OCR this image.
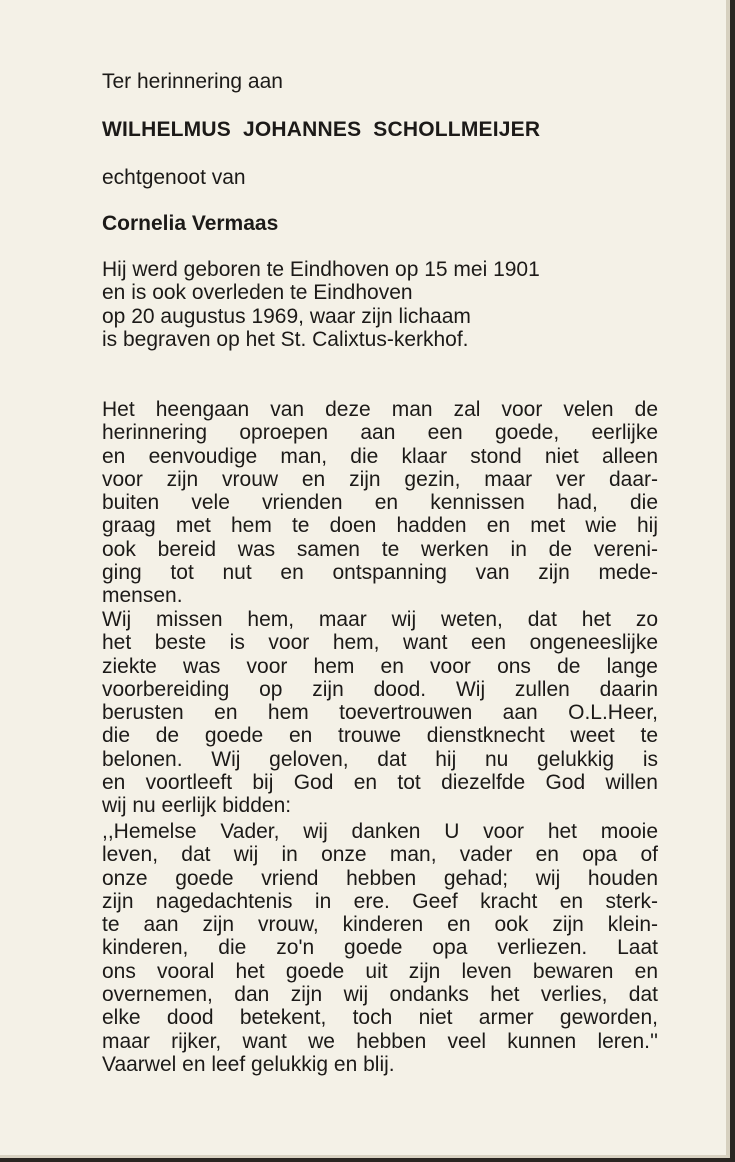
Ter herinnering aan
WILHELMUS JOHANNES SCHOLLMEIJER
echtgenoot van
Cornelia Vermaas
Hij werd geboren te Eindhoven op 15 mei 1901
en is ook overleden te Eindhoven
op 20 augustus 1969, waar zijn lichaam
is begraven op het St. Calixtus-kerkhof.
Het heengaan van deze man zal voor velen de
herinnering oproepen aan een goede, eerlijke
en eenvoudige man, die klaar stond niet alleen
voor zijn vrouw en zijn gezin, maar ver daar-
buiten vele vrienden en kennissen had, die
graag met hem te doen hadden en met wie hij
ook bereid was samen te werken in de vereni-
ging tot nut en ontspanning van zijn mede-
mensen.
Wij missen hem, maar wij weten, dat het zo
het beste is voor hem, want een ongeneeslijke
ziekte was voor hem en voor ons de lange
voorbereiding op zijn dood. Wij zullen daarin
berusten en hem toevertrouwen aan O.L.Heer,
die de goede en trouwe dienstknecht weet te
belonen. Wij geloven, dat hij nu gelukkig is
en voortleeft bij God en tot diezelfde God willen
wij nu eerlijk bidden:
,,Hemelse Vader, wij danken U voor het mooie
leven, dat wij in onze man, vader en opa of
onze goede vriend hebben gehad; wij houden
zijn nagedachtenis in ere. Geef kracht en sterk-
te aan zijn vrouw, kinderen en ook zijn klein-
kinderen, die zo'n goede opa verliezen. Laat
ons vooral het goede uit zijn leven bewaren en
overnemen, dan zijn wij ondanks het verlies, dat
elke dood betekent, toch niet armer geworden,
maar rijker, want we hebben veel kunnen leren.''
Vaarwel en leef gelukkig en blij.
